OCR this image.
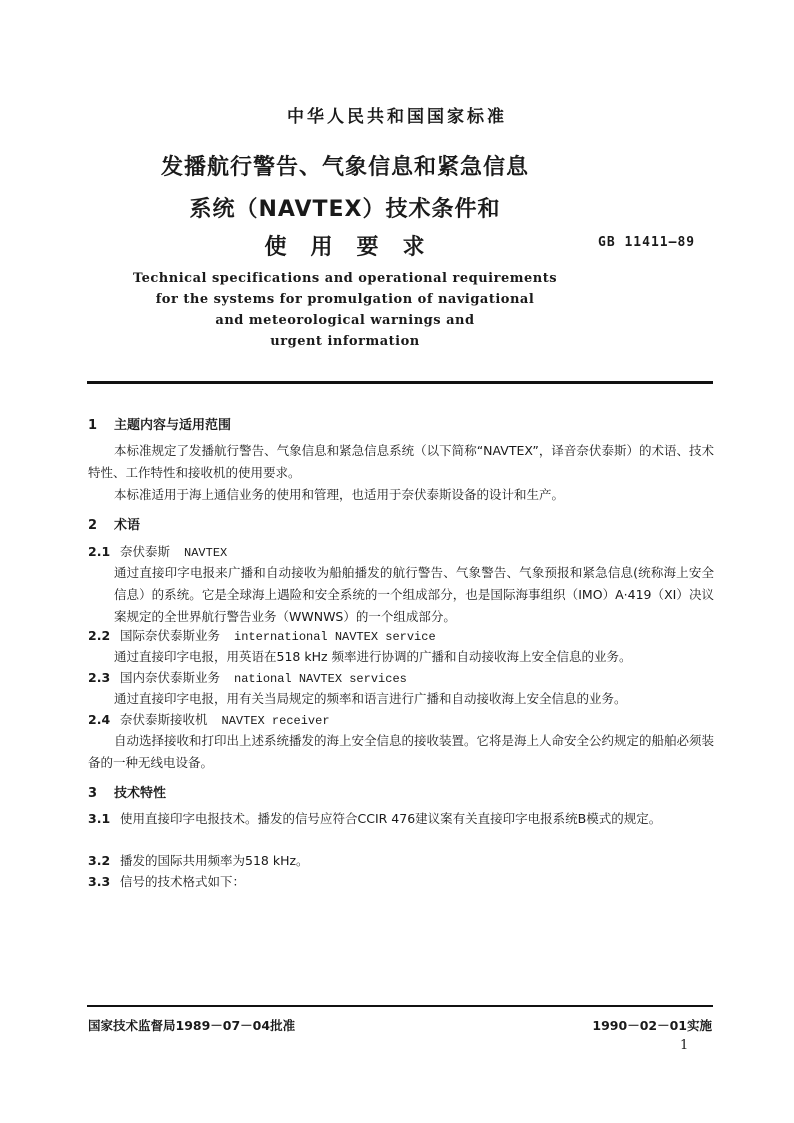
中华人民共和国国家标准
发播航行警告、气象信息和紧急信息
系统（NAVTEX）技术条件和
使　用　要　求	GB 11411—89
Technical specifications and operational requirements
for the systems for promulgation of navigational
and meteorological warnings and
urgent information
1 主题内容与适用范围
本标准规定了发播航行警告、气象信息和紧急信息系统（以下简称“NAVTEX”，译音奈伏泰斯）的术语、技术特性、工作特性和接收机的使用要求。
本标准适用于海上通信业务的使用和管理，也适用于奈伏泰斯设备的设计和生产。
2 术语
2.1 奈伏泰斯 NAVTEX
通过直接印字电报来广播和自动接收为船舶播发的航行警告、气象警告、气象预报和紧急信息(统称海上安全信息）的系统。它是全球海上遇险和安全系统的一个组成部分，也是国际海事组织（IMO）A·419（XI）决议案规定的全世界航行警告业务（WWNWS）的一个组成部分。
2.2 国际奈伏泰斯业务 international NAVTEX service
通过直接印字电报，用英语在518 kHz 频率进行协调的广播和自动接收海上安全信息的业务。
2.3 国内奈伏泰斯业务 national NAVTEX services
通过直接印字电报，用有关当局规定的频率和语言进行广播和自动接收海上安全信息的业务。
2.4 奈伏泰斯接收机 NAVTEX receiver
自动选择接收和打印出上述系统播发的海上安全信息的接收装置。它将是海上人命安全公约规定的船舶必须装备的一种无线电设备。
3 技术特性
3.1 使用直接印字电报技术。播发的信号应符合CCIR 476建议案有关直接印字电报系统B模式的规定。
3.2 播发的国际共用频率为518 kHz。
3.3 信号的技术格式如下：
国家技术监督局1989－07－04批准	1990－02－01实施
1
